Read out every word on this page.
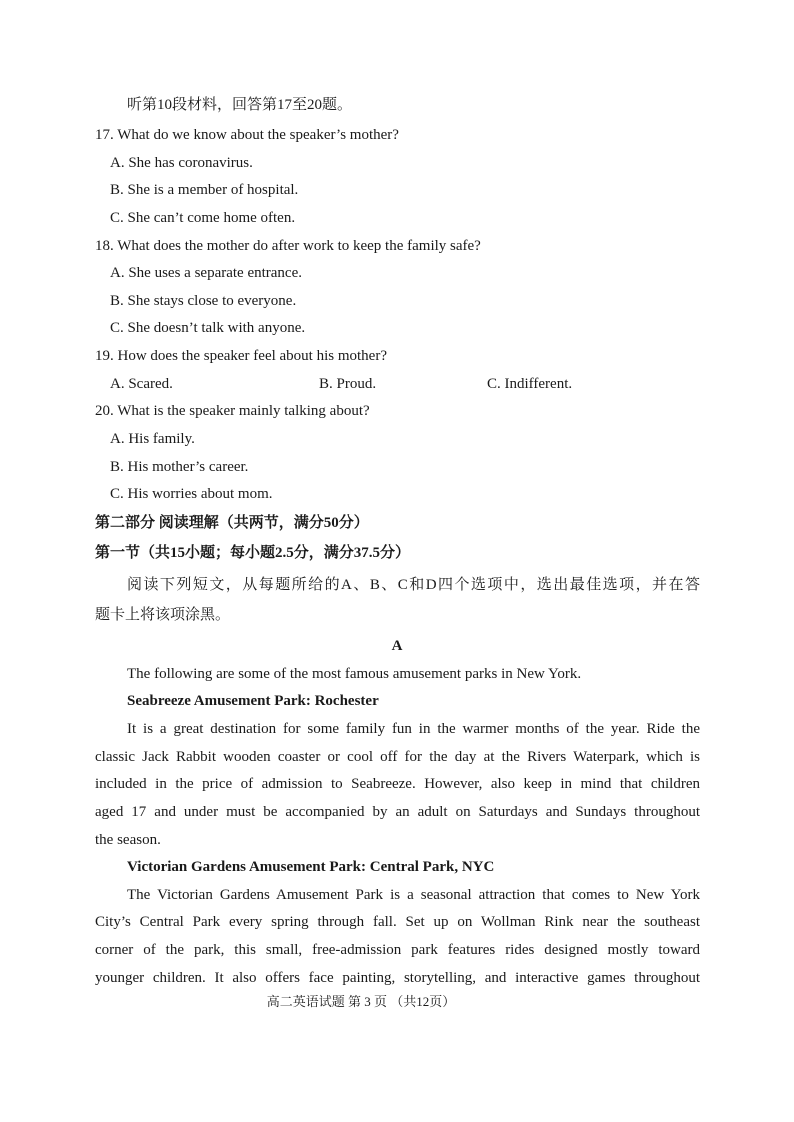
听第10段材料，回答第17至20题。
17. What do we know about the speaker’s mother?
A. She has coronavirus.
B. She is a member of hospital.
C. She can’t come home often.
18. What does the mother do after work to keep the family safe?
A. She uses a separate entrance.
B. She stays close to everyone.
C. She doesn’t talk with anyone.
19. How does the speaker feel about his mother?
A. Scared.	B. Proud.	C. Indifferent.
20. What is the speaker mainly talking about?
A. His family.
B. His mother’s career.
C. His worries about mom.
第二部分 阅读理解（共两节，满分50分）
第一节（共15小题；每小题2.5分，满分37.5分）
阅读下列短文，从每题所给的A、B、C和D四个选项中，选出最佳选项，并在答
题卡上将该项涂黑。
A
The following are some of the most famous amusement parks in New York.
Seabreeze Amusement Park: Rochester
It is a great destination for some family fun in the warmer months of the year. Ride the
classic Jack Rabbit wooden coaster or cool off for the day at the Rivers Waterpark, which is
included in the price of admission to Seabreeze. However, also keep in mind that children
aged 17 and under must be accompanied by an adult on Saturdays and Sundays throughout
the season.
Victorian Gardens Amusement Park: Central Park, NYC
The Victorian Gardens Amusement Park is a seasonal attraction that comes to New York
City’s Central Park every spring through fall. Set up on Wollman Rink near the southeast
corner of the park, this small, free-admission park features rides designed mostly toward
younger children. It also offers face painting, storytelling, and interactive games throughout
高二英语试题 第 3 页 （共12页）
